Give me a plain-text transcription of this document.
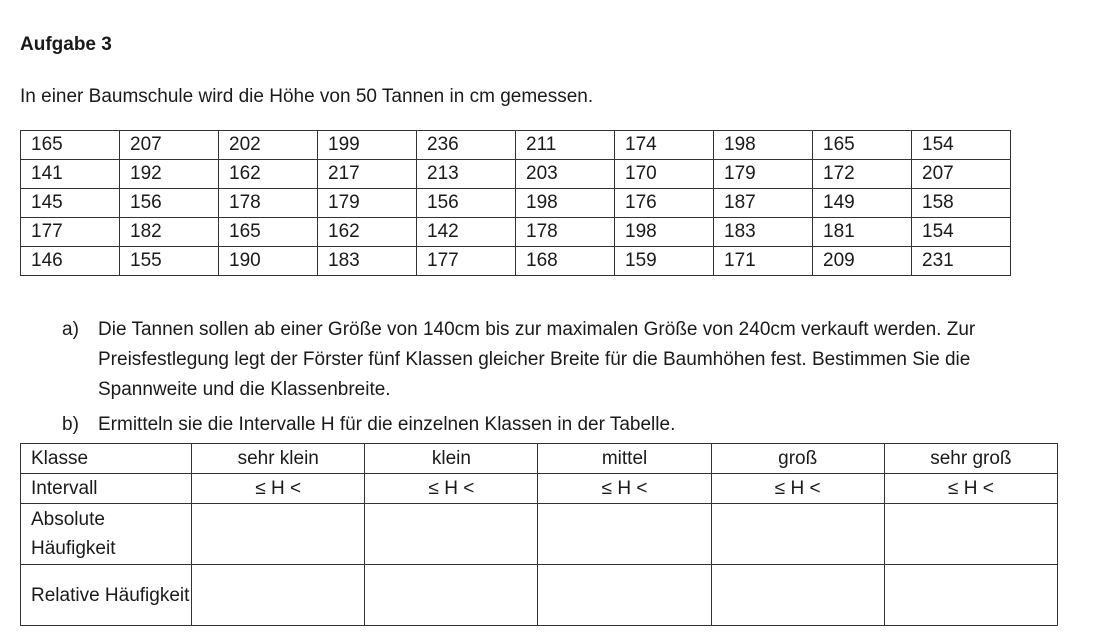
Aufgabe 3
In einer Baumschule wird die Höhe von 50 Tannen in cm gemessen.
165	207	202	199	236	211	174	198	165	154
141	192	162	217	213	203	170	179	172	207
145	156	178	179	156	198	176	187	149	158
177	182	165	162	142	178	198	183	181	154
146	155	190	183	177	168	159	171	209	231
a) Die Tannen sollen ab einer Größe von 140cm bis zur maximalen Größe von 240cm verkauft werden. Zur Preisfestlegung legt der Förster fünf Klassen gleicher Breite für die Baumhöhen fest. Bestimmen Sie die Spannweite und die Klassenbreite.
b) Ermitteln sie die Intervalle H für die einzelnen Klassen in der Tabelle.
Klasse	sehr klein	klein	mittel	groß	sehr groß
Intervall	≤ H <	≤ H <	≤ H <	≤ H <	≤ H <
Absolute Häufigkeit					
Relative Häufigkeit					
